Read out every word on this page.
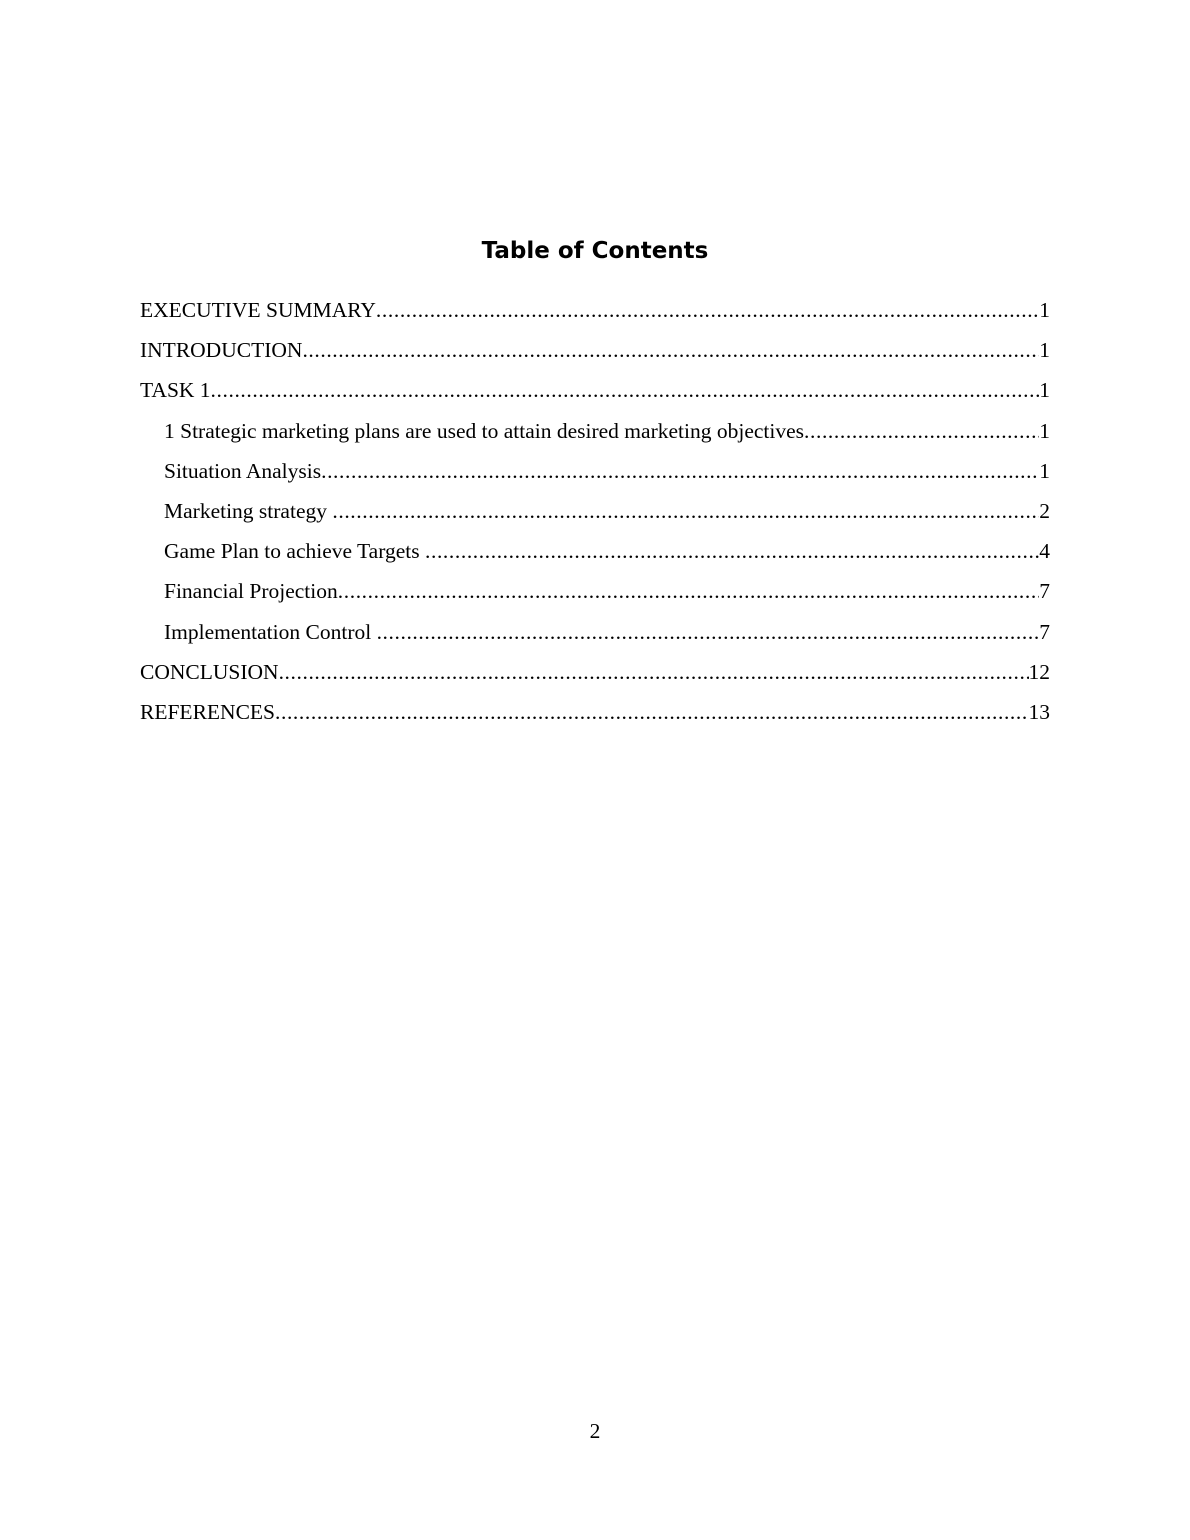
Table of Contents
EXECUTIVE SUMMARY .....	1
INTRODUCTION .....	1
TASK 1 .....	1
1 Strategic marketing plans are used to attain desired marketing objectives .....	1
Situation Analysis .....	1
Marketing strategy .....	2
Game Plan to achieve Targets .....	4
Financial Projection .....	7
Implementation Control .....	7
CONCLUSION .....	12
REFERENCES .....	13
2
